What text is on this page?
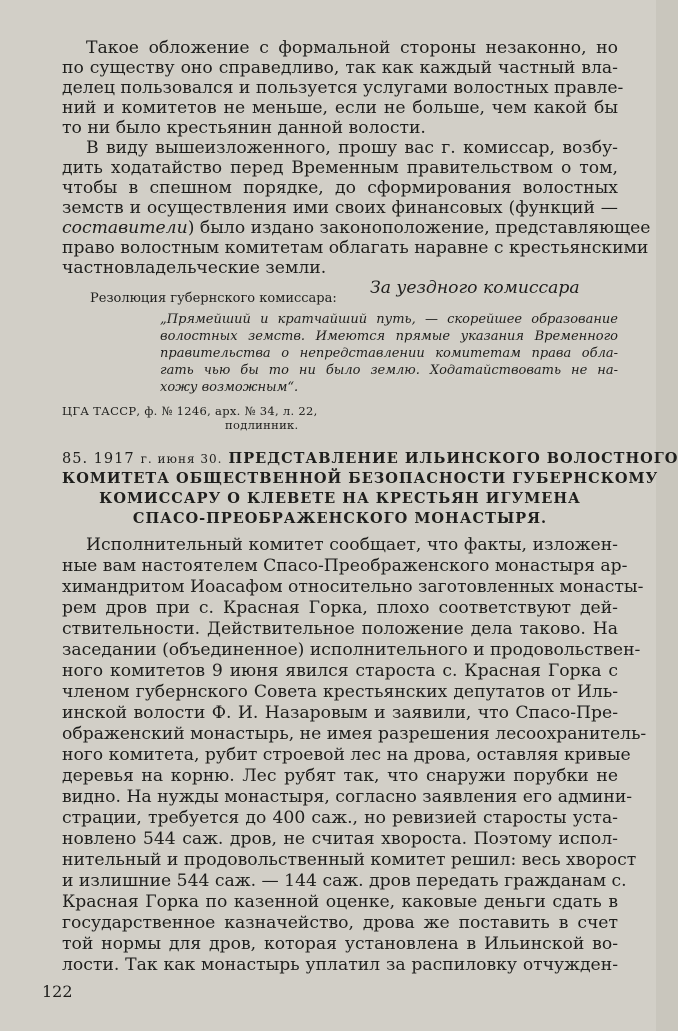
Такое обложение с формальной стороны незаконно, но
по существу оно справедливо, так как каждый частный вла-
делец пользовался и пользуется услугами волостных правле-
ний и комитетов не меньше, если не больше, чем какой бы
то ни было крестьянин данной волости.
В виду вышеизложенного, прошу вас г. комиссар, возбу-
дить ходатайство перед Временным правительством о том,
чтобы в спешном порядке, до сформирования волостных
земств и осуществления ими своих финансовых (функций —
составители) было издано законоположение, представляющее
право волостным комитетам облагать наравне с крестьянскими
частновладельческие земли.
За уездного комиссара
Резолюция губернского комиссара:
„Прямейший и кратчайший путь, — скорейшее образование
волостных земств. Имеются прямые указания Временного
правительства о непредставлении комитетам права обла-
гать чью бы то ни было землю. Ходатайствовать не на-
хожу возможным“.
ЦГА ТАССР, ф. № 1246, арх. № 34, л. 22,
подлинник.
85. 1917 г. июня 30. ПРЕДСТАВЛЕНИЕ ИЛЬИНСКОГО ВОЛОСТНОГО
КОМИТЕТА ОБЩЕСТВЕННОЙ БЕЗОПАСНОСТИ ГУБЕРНСКОМУ
КОМИССАРУ О КЛЕВЕТЕ НА КРЕСТЬЯН ИГУМЕНА
СПАСО-ПРЕОБРАЖЕНСКОГО МОНАСТЫРЯ.
Исполнительный комитет сообщает, что факты, изложен-
ные вам настоятелем Спасо-Преображенского монастыря ар-
химандритом Иоасафом относительно заготовленных монасты-
рем дров при с. Красная Горка, плохо соответствуют дей-
ствительности. Действительное положение дела таково. На
заседании (объединенное) исполнительного и продовольствен-
ного комитетов 9 июня явился староста с. Красная Горка с
членом губернского Совета крестьянских депутатов от Иль-
инской волости Ф. И. Назаровым и заявили, что Спасо-Пре-
ображенский монастырь, не имея разрешения лесоохранитель-
ного комитета, рубит строевой лес на дрова, оставляя кривые
деревья на корню. Лес рубят так, что снаружи порубки не
видно. На нужды монастыря, согласно заявления его админи-
страции, требуется до 400 саж., но ревизией старосты уста-
новлено 544 саж. дров, не считая хвороста. Поэтому испол-
нительный и продовольственный комитет решил: весь хворост
и излишние 544 саж. — 144 саж. дров передать гражданам с.
Красная Горка по казенной оценке, каковые деньги сдать в
государственное казначейство, дрова же поставить в счет
той нормы для дров, которая установлена в Ильинской во-
лости. Так как монастырь уплатил за распиловку отчужден-
122
